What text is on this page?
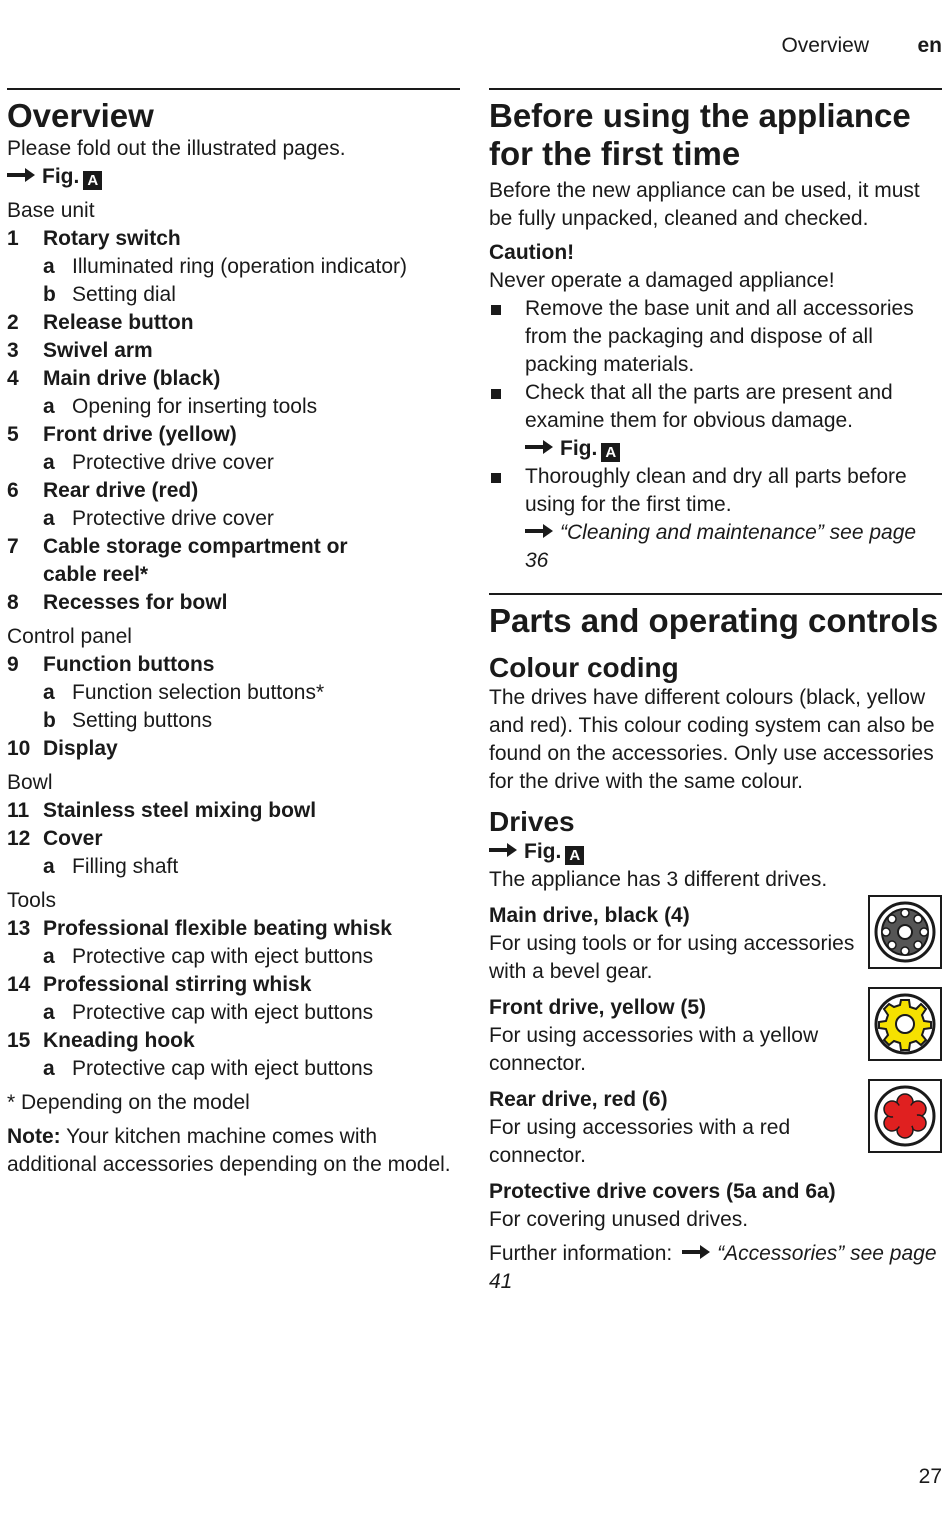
Overview en
Overview
Please fold out the illustrated pages.
Fig. A
Base unit
1 Rotary switch
a Illuminated ring (operation indicator)
b Setting dial
2 Release button
3 Swivel arm
4 Main drive (black)
a Opening for inserting tools
5 Front drive (yellow)
a Protective drive cover
6 Rear drive (red)
a Protective drive cover
7 Cable storage compartment or cable reel*
8 Recesses for bowl
Control panel
9 Function buttons
a Function selection buttons*
b Setting buttons
10 Display
Bowl
11 Stainless steel mixing bowl
12 Cover
a Filling shaft
Tools
13 Professional flexible beating whisk
a Protective cap with eject buttons
14 Professional stirring whisk
a Protective cap with eject buttons
15 Kneading hook
a Protective cap with eject buttons
* Depending on the model
Note: Your kitchen machine comes with additional accessories depending on the model.
Before using the appliance for the first time
Before the new appliance can be used, it must be fully unpacked, cleaned and checked.
Caution!
Never operate a damaged appliance!
Remove the base unit and all accessories from the packaging and dispose of all packing materials.
Check that all the parts are present and examine them for obvious damage.
Fig. A
Thoroughly clean and dry all parts before using for the first time.
“Cleaning and maintenance” see page 36
Parts and operating controls
Colour coding
The drives have different colours (black, yellow and red). This colour coding system can also be found on the accessories. Only use accessories for the drive with the same colour.
Drives
Fig. A
The appliance has 3 different drives.
Main drive, black (4)
For using tools or for using accessories with a bevel gear.
Front drive, yellow (5)
For using accessories with a yellow connector.
Rear drive, red (6)
For using accessories with a red connector.
Protective drive covers (5a and 6a)
For covering unused drives.
Further information: “Accessories” see page 41
27
